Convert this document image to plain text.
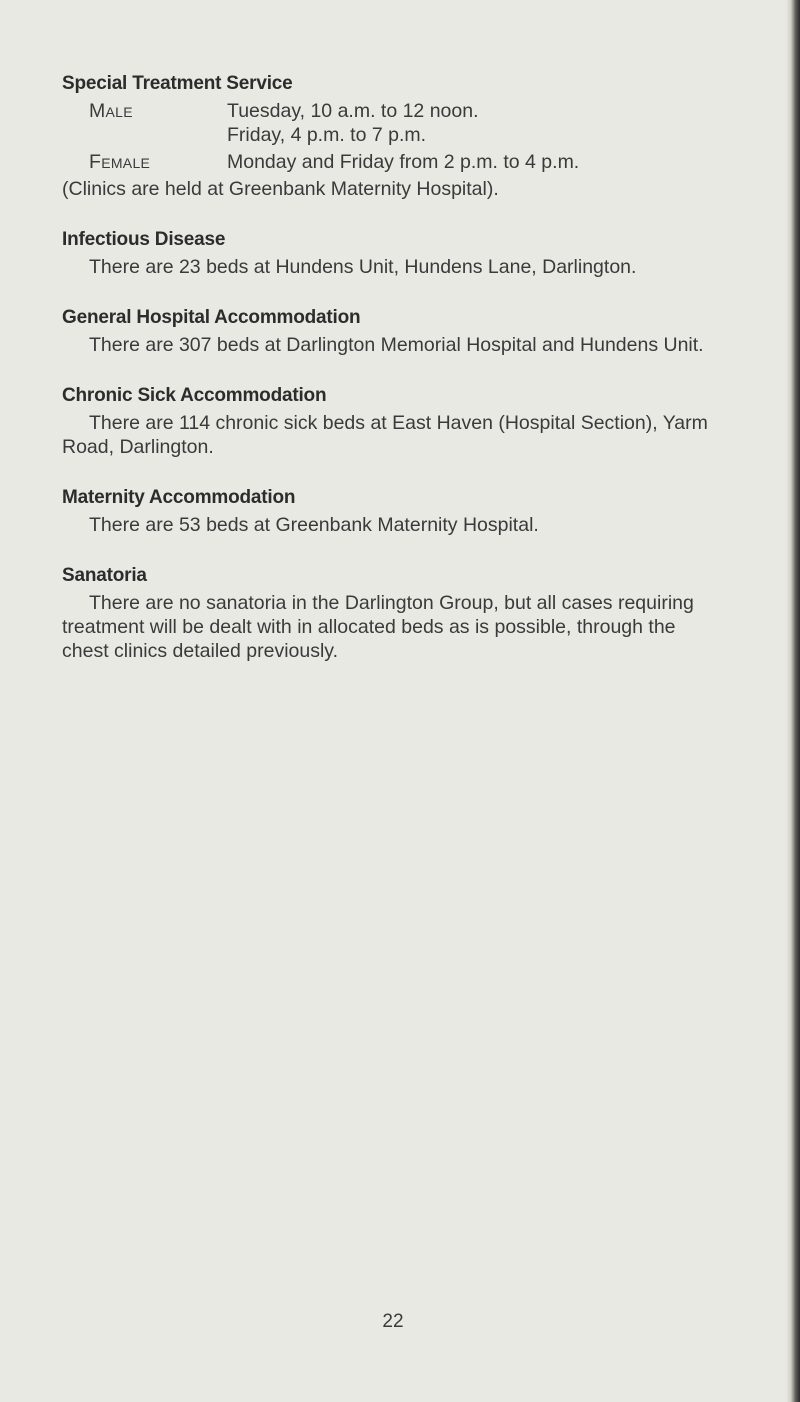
Special Treatment Service
Male	Tuesday, 10 a.m. to 12 noon.
Friday, 4 p.m. to 7 p.m.
Female	Monday and Friday from 2 p.m. to 4 p.m.
(Clinics are held at Greenbank Maternity Hospital).
Infectious Disease

There are 23 beds at Hundens Unit, Hundens Lane, Darlington.

General Hospital Accommodation

There are 307 beds at Darlington Memorial Hospital and Hundens Unit.

Chronic Sick Accommodation

There are 114 chronic sick beds at East Haven (Hospital Section), Yarm Road, Darlington.

Maternity Accommodation

There are 53 beds at Greenbank Maternity Hospital.

Sanatoria

There are no sanatoria in the Darlington Group, but all cases requiring treatment will be dealt with in allocated beds as is possible, through the chest clinics detailed previously.

22
